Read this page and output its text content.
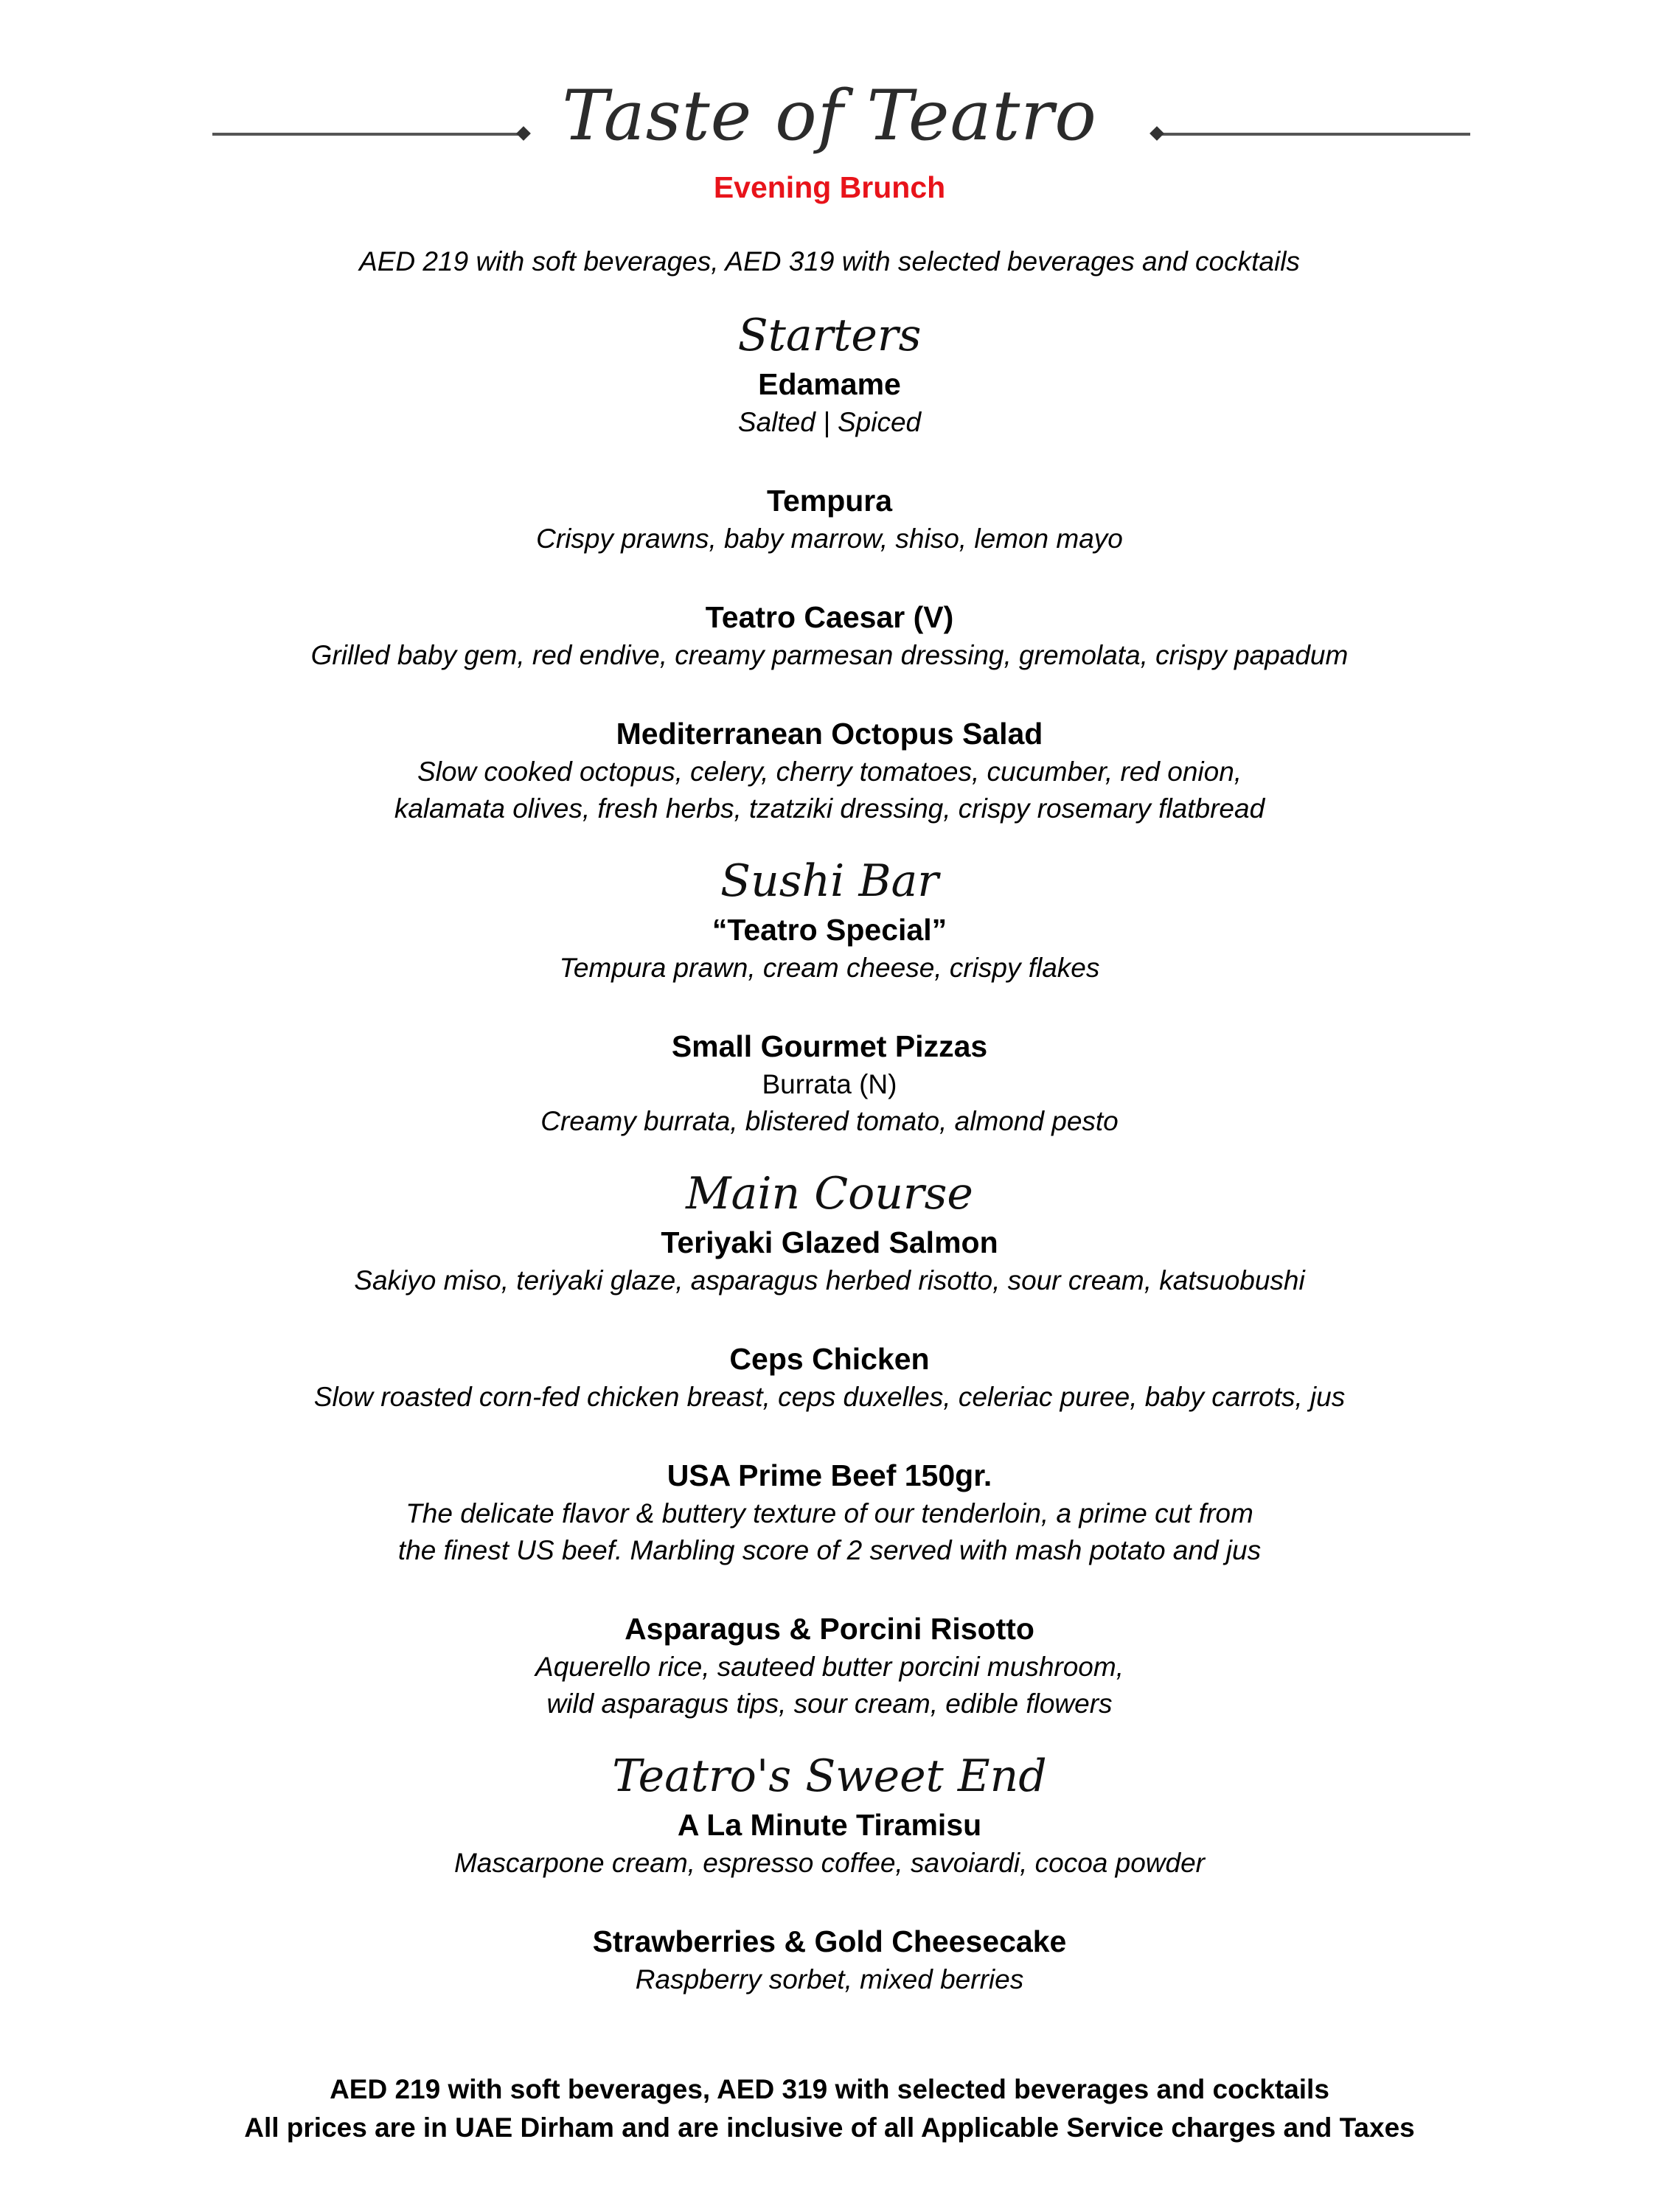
Taste of Teatro
Evening Brunch
AED 219 with soft beverages, AED 319 with selected beverages and cocktails
Starters
Edamame
Salted | Spiced
Tempura
Crispy prawns, baby marrow, shiso, lemon mayo
Teatro Caesar (V)
Grilled baby gem, red endive, creamy parmesan dressing, gremolata, crispy papadum
Mediterranean Octopus Salad
Slow cooked octopus, celery, cherry tomatoes, cucumber, red onion,
kalamata olives, fresh herbs, tzatziki dressing, crispy rosemary flatbread
Sushi Bar
“Teatro Special”
Tempura prawn, cream cheese, crispy flakes
Small Gourmet Pizzas
Burrata (N)
Creamy burrata, blistered tomato, almond pesto
Main Course
Teriyaki Glazed Salmon
Sakiyo miso, teriyaki glaze, asparagus herbed risotto, sour cream, katsuobushi
Ceps Chicken
Slow roasted corn-fed chicken breast, ceps duxelles, celeriac puree, baby carrots, jus
USA Prime Beef 150gr.
The delicate flavor & buttery texture of our tenderloin, a prime cut from
the finest US beef. Marbling score of 2 served with mash potato and jus
Asparagus & Porcini Risotto
Aquerello rice, sauteed butter porcini mushroom,
wild asparagus tips, sour cream, edible flowers
Teatro's Sweet End
A La Minute Tiramisu
Mascarpone cream, espresso coffee, savoiardi, cocoa powder
Strawberries & Gold Cheesecake
Raspberry sorbet, mixed berries
AED 219 with soft beverages, AED 319 with selected beverages and cocktails
All prices are in UAE Dirham and are inclusive of all Applicable Service charges and Taxes
